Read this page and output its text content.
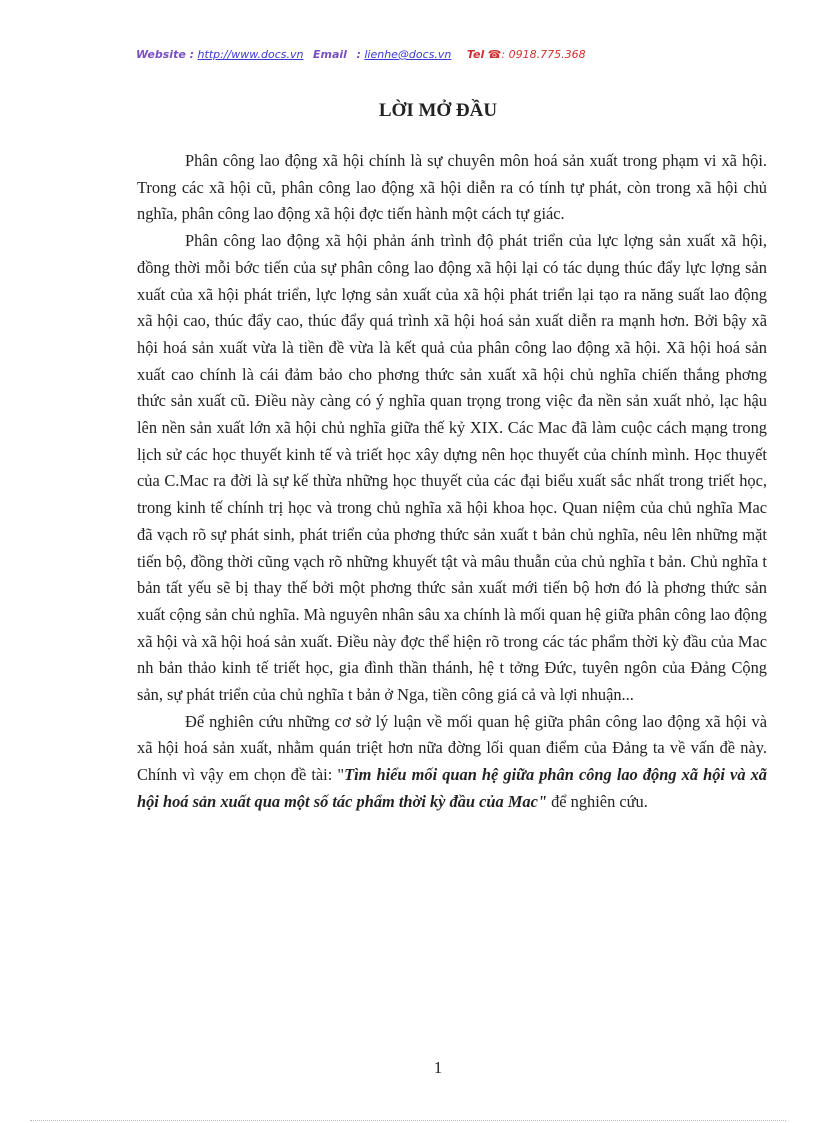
Website : http://www.docs.vn Email : lienhe@docs.vn Tel ☎: 0918.775.368
LỜI MỞ ĐẦU

Phân công lao động xã hội chính là sự chuyên môn hoá sản xuất trong phạm vi xã hội. Trong các xã hội cũ, phân công lao động xã hội diễn ra có tính tự phát, còn trong xã hội chủ nghĩa, phân công lao động xã hội đợc tiến hành một cách tự giác.

Phân công lao động xã hội phản ánh trình độ phát triển của lực lợng sản xuất xã hội, đồng thời mỗi bớc tiến của sự phân công lao động xã hội lại có tác dụng thúc đẩy lực lợng sản xuất của xã hội phát triển, lực lợng sản xuất của xã hội phát triển lại tạo ra năng suất lao động xã hội cao, thúc đẩy cao, thúc đẩy quá trình xã hội hoá sản xuất diễn ra mạnh hơn. Bởi bậy xã hội hoá sản xuất vừa là tiền đề vừa là kết quả của phân công lao động xã hội. Xã hội hoá sản xuất cao chính là cái đảm bảo cho phơng thức sản xuất xã hội chủ nghĩa chiến thắng phơng thức sản xuất cũ. Điều này càng có ý nghĩa quan trọng trong việc đa nền sản xuất nhỏ, lạc hậu lên nền sản xuất lớn xã hội chủ nghĩa giữa thế kỷ XIX. Các Mac đã làm cuộc cách mạng trong lịch sử các học thuyết kinh tế và triết học xây dựng nên học thuyết của chính mình. Học thuyết của C.Mac ra đời là sự kế thừa những học thuyết của các đại biểu xuất sắc nhất trong triết học, trong kinh tế chính trị học và trong chủ nghĩa xã hội khoa học. Quan niệm của chủ nghĩa Mac đã vạch rõ sự phát sinh, phát triển của phơng thức sản xuất t bản chủ nghĩa, nêu lên những mặt tiến bộ, đồng thời cũng vạch rõ những khuyết tật và mâu thuẫn của chủ nghĩa t bản. Chủ nghĩa t bản tất yếu sẽ bị thay thế bởi một phơng thức sản xuất mới tiến bộ hơn đó là phơng thức sản xuất cộng sản chủ nghĩa. Mà nguyên nhân sâu xa chính là mối quan hệ giữa phân công lao động xã hội và xã hội hoá sản xuất. Điều này đợc thể hiện rõ trong các tác phẩm thời kỳ đầu của Mac nh bản thảo kinh tế triết học, gia đình thần thánh, hệ t tởng Đức, tuyên ngôn của Đảng Cộng sản, sự phát triển của chủ nghĩa t bản ở Nga, tiền công giá cả và lợi nhuận...

Để nghiên cứu những cơ sở lý luận về mối quan hệ giữa phân công lao động xã hội và xã hội hoá sản xuất, nhằm quán triệt hơn nữa đờng lối quan điểm của Đảng ta về vấn đề này. Chính vì vậy em chọn đề tài: "Tìm hiểu mối quan hệ giữa phân công lao động xã hội và xã hội hoá sản xuất qua một số tác phẩm thời kỳ đầu của Mac" để nghiên cứu.

1
